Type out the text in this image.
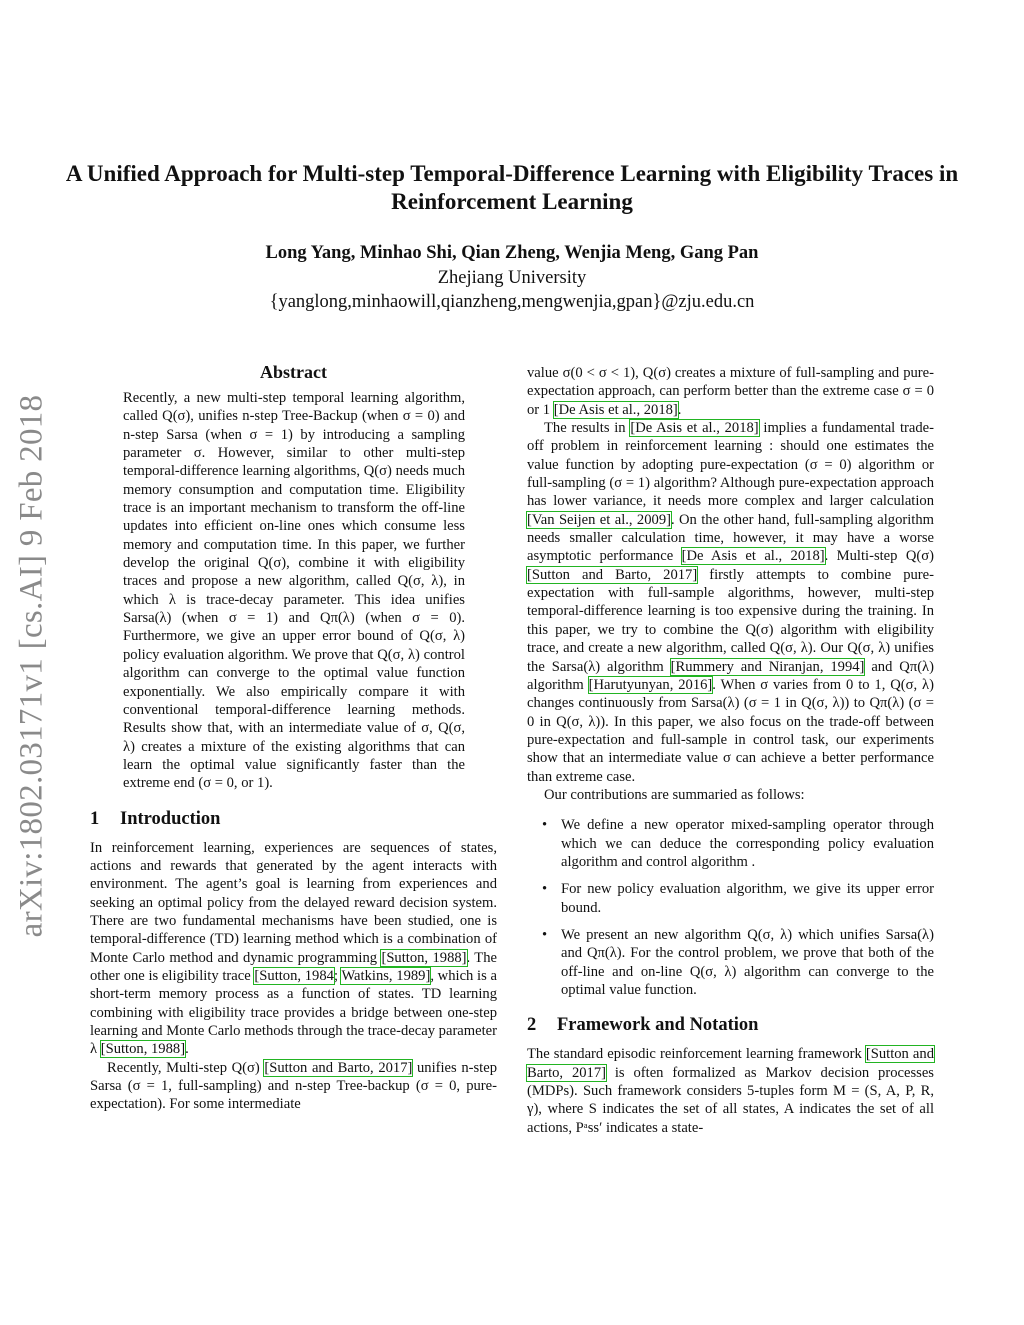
arXiv:1802.03171v1 [cs.AI] 9 Feb 2018
A Unified Approach for Multi-step Temporal-Difference Learning with Eligibility Traces in Reinforcement Learning
Long Yang, Minhao Shi, Qian Zheng, Wenjia Meng, Gang Pan
Zhejiang University
{yanglong,minhaowill,qianzheng,mengwenjia,gpan}@zju.edu.cn
Abstract

Recently, a new multi-step temporal learning algorithm, called Q(σ), unifies n-step Tree-Backup (when σ = 0) and n-step Sarsa (when σ = 1) by introducing a sampling parameter σ. However, similar to other multi-step temporal-difference learning algorithms, Q(σ) needs much memory consumption and computation time. Eligibility trace is an important mechanism to transform the off-line updates into efficient on-line ones which consume less memory and computation time. In this paper, we further develop the original Q(σ), combine it with eligibility traces and propose a new algorithm, called Q(σ, λ), in which λ is trace-decay parameter. This idea unifies Sarsa(λ) (when σ = 1) and Qπ(λ) (when σ = 0). Furthermore, we give an upper error bound of Q(σ, λ) policy evaluation algorithm. We prove that Q(σ, λ) control algorithm can converge to the optimal value function exponentially. We also empirically compare it with conventional temporal-difference learning methods. Results show that, with an intermediate value of σ, Q(σ, λ) creates a mixture of the existing algorithms that can learn the optimal value significantly faster than the extreme end (σ = 0, or 1).

1 Introduction

In reinforcement learning, experiences are sequences of states, actions and rewards that generated by the agent interacts with environment. The agent’s goal is learning from experiences and seeking an optimal policy from the delayed reward decision system. There are two fundamental mechanisms have been studied, one is temporal-difference (TD) learning method which is a combination of Monte Carlo method and dynamic programming [Sutton, 1988]. The other one is eligibility trace [Sutton, 1984; Watkins, 1989], which is a short-term memory process as a function of states. TD learning combining with eligibility trace provides a bridge between one-step learning and Monte Carlo methods through the trace-decay parameter λ [Sutton, 1988].

Recently, Multi-step Q(σ) [Sutton and Barto, 2017] unifies n-step Sarsa (σ = 1, full-sampling) and n-step Tree-backup (σ = 0, pure-expectation). For some intermediate

value σ(0 < σ < 1), Q(σ) creates a mixture of full-sampling and pure-expectation approach, can perform better than the extreme case σ = 0 or 1 [De Asis et al., 2018].

The results in [De Asis et al., 2018] implies a fundamental trade-off problem in reinforcement learning : should one estimates the value function by adopting pure-expectation (σ = 0) algorithm or full-sampling (σ = 1) algorithm? Although pure-expectation approach has lower variance, it needs more complex and larger calculation [Van Seijen et al., 2009]. On the other hand, full-sampling algorithm needs smaller calculation time, however, it may have a worse asymptotic performance [De Asis et al., 2018]. Multi-step Q(σ) [Sutton and Barto, 2017] firstly attempts to combine pure-expectation with full-sample algorithms, however, multi-step temporal-difference learning is too expensive during the training. In this paper, we try to combine the Q(σ) algorithm with eligibility trace, and create a new algorithm, called Q(σ, λ). Our Q(σ, λ) unifies the Sarsa(λ) algorithm [Rummery and Niranjan, 1994] and Qπ(λ) algorithm [Harutyunyan, 2016]. When σ varies from 0 to 1, Q(σ, λ) changes continuously from Sarsa(λ) (σ = 1 in Q(σ, λ)) to Qπ(λ) (σ = 0 in Q(σ, λ)). In this paper, we also focus on the trade-off between pure-expectation and full-sample in control task, our experiments show that an intermediate value σ can achieve a better performance than extreme case.

Our contributions are summaried as follows:

• We define a new operator mixed-sampling operator through which we can deduce the corresponding policy evaluation algorithm and control algorithm .
• For new policy evaluation algorithm, we give its upper error bound.
• We present an new algorithm Q(σ, λ) which unifies Sarsa(λ) and Qπ(λ). For the control problem, we prove that both of the off-line and on-line Q(σ, λ) algorithm can converge to the optimal value function.
2 Framework and Notation

The standard episodic reinforcement learning framework [Sutton and Barto, 2017] is often formalized as Markov decision processes (MDPs). Such framework considers 5-tuples form M = (S, A, P, R, γ), where S indicates the set of all states, A indicates the set of all actions, Pᵃss′ indicates a state-
